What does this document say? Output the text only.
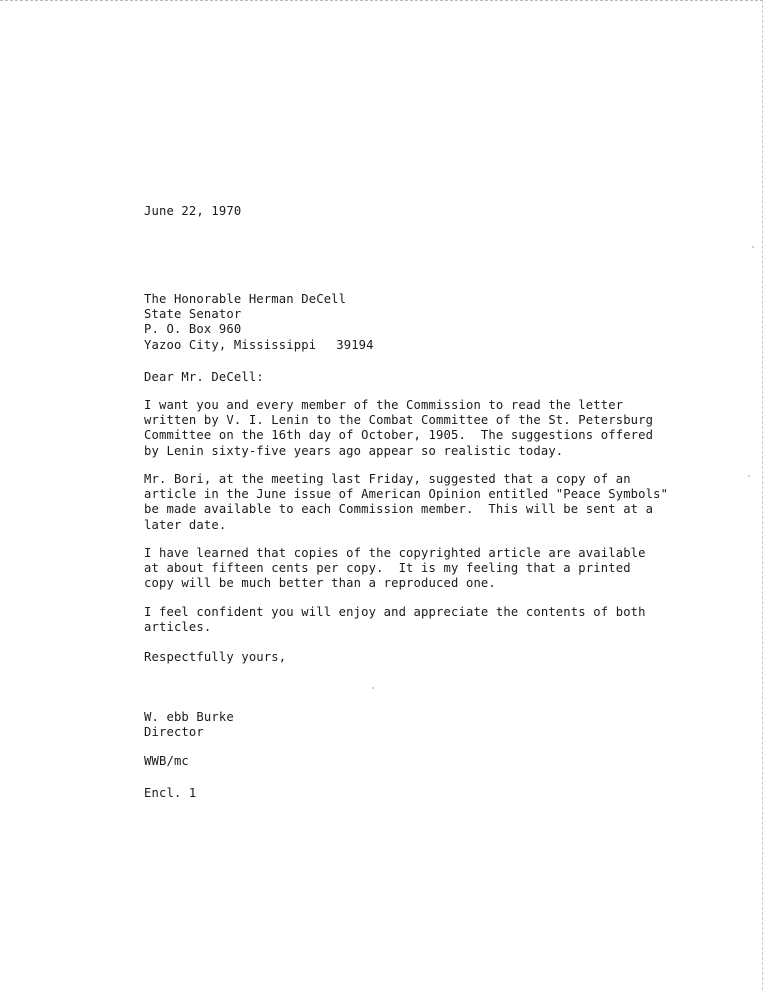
June 22, 1970
The Honorable Herman DeCell
State Senator
P. O. Box 960
Yazoo City, Mississippi 39194
Dear Mr. DeCell:
I want you and every member of the Commission to read the letter
written by V. I. Lenin to the Combat Committee of the St. Petersburg
Committee on the 16th day of October, 1905.  The suggestions offered
by Lenin sixty-five years ago appear so realistic today.
Mr. Bori, at the meeting last Friday, suggested that a copy of an
article in the June issue of American Opinion entitled "Peace Symbols"
be made available to each Commission member.  This will be sent at a
later date.
I have learned that copies of the copyrighted article are available
at about fifteen cents per copy.  It is my feeling that a printed
copy will be much better than a reproduced one.
I feel confident you will enjoy and appreciate the contents of both
articles.
Respectfully yours,
W. ebb Burke
Director
WWB/mc
Encl. 1
